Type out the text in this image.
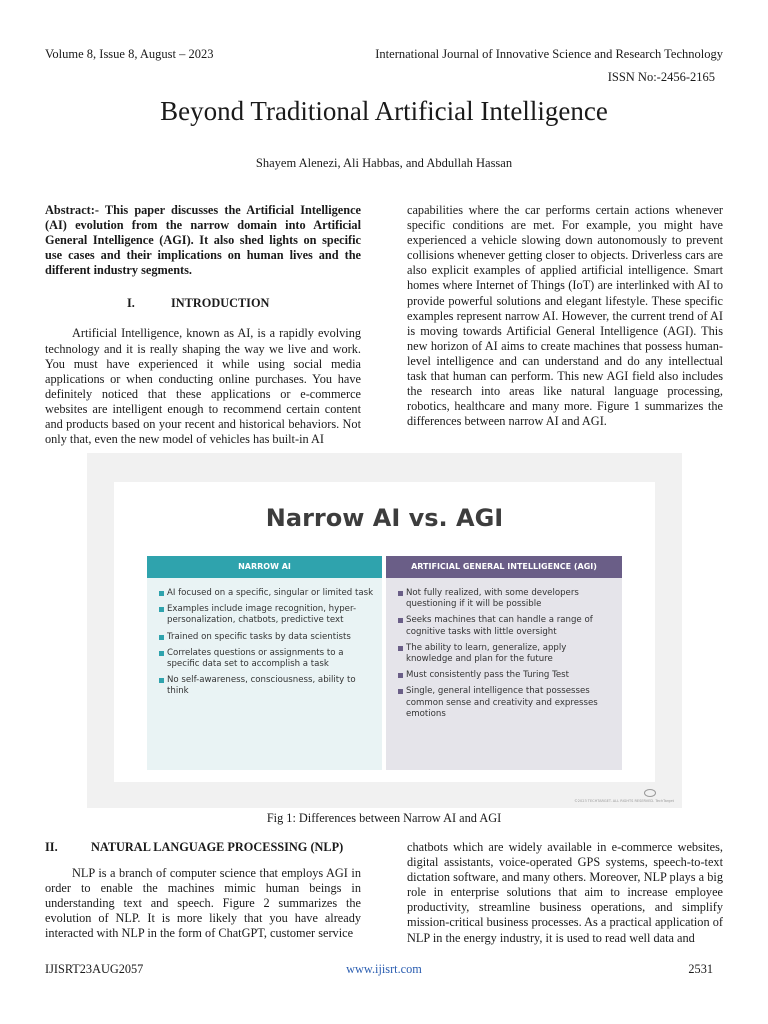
Volume 8, Issue 8, August – 2023	International Journal of Innovative Science and Research Technology
ISSN No:-2456-2165
Beyond Traditional Artificial Intelligence
Shayem Alenezi, Ali Habbas, and Abdullah Hassan

Abstract:- This paper discusses the Artificial Intelligence (AI) evolution from the narrow domain into Artificial General Intelligence (AGI). It also shed lights on specific use cases and their implications on human lives and the different industry segments.

I.	INTRODUCTION

Artificial Intelligence, known as AI, is a rapidly evolving technology and it is really shaping the way we live and work. You must have experienced it while using social media applications or when conducting online purchases. You have definitely noticed that these applications or e-commerce websites are intelligent enough to recommend certain content and products based on your recent and historical behaviors. Not only that, even the new model of vehicles has built-in AI

capabilities where the car performs certain actions whenever specific conditions are met. For example, you might have experienced a vehicle slowing down autonomously to prevent collisions whenever getting closer to objects. Driverless cars are also explicit examples of applied artificial intelligence. Smart homes where Internet of Things (IoT) are interlinked with AI to provide powerful solutions and elegant lifestyle. These specific examples represent narrow AI. However, the current trend of AI is moving towards Artificial General Intelligence (AGI). This new horizon of AI aims to create machines that possess human-level intelligence and can understand and do any intellectual task that human can perform. This new AGI field also includes the research into areas like natural language processing, robotics, healthcare and many more. Figure 1 summarizes the differences between narrow AI and AGI.

Narrow AI vs. AGI
NARROW AI
AI focused on a specific, singular or limited task
Examples include image recognition, hyper-personalization, chatbots, predictive text
Trained on specific tasks by data scientists
Correlates questions or assignments to a specific data set to accomplish a task
No self-awareness, consciousness, ability to think
ARTIFICIAL GENERAL INTELLIGENCE (AGI)
Not fully realized, with some developers questioning if it will be possible
Seeks machines that can handle a range of cognitive tasks with little oversight
The ability to learn, generalize, apply knowledge and plan for the future
Must consistently pass the Turing Test
Single, general intelligence that possesses common sense and creativity and expresses emotions
©2023 TECHTARGET. ALL RIGHTS RESERVED. TechTarget
Fig 1: Differences between Narrow AI and AGI
II.	NATURAL LANGUAGE PROCESSING (NLP)

NLP is a branch of computer science that employs AGI in order to enable the machines mimic human beings in understanding text and speech. Figure 2 summarizes the evolution of NLP. It is more likely that you have already interacted with NLP in the form of ChatGPT, customer service

chatbots which are widely available in e-commerce websites, digital assistants, voice-operated GPS systems, speech-to-text dictation software, and many others. Moreover, NLP plays a big role in enterprise solutions that aim to increase employee productivity, streamline business operations, and simplify mission-critical business processes. As a practical application of NLP in the energy industry, it is used to read well data and

IJISRT23AUG2057	www.ijisrt.com	2531
